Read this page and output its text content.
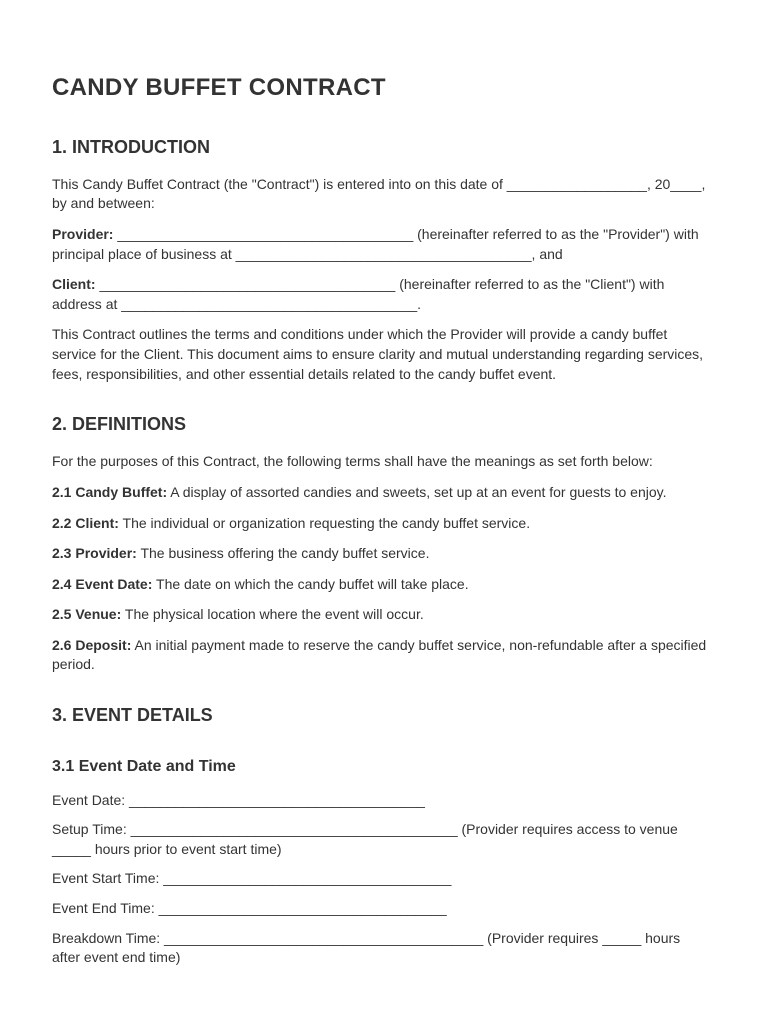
CANDY BUFFET CONTRACT
1. INTRODUCTION

This Candy Buffet Contract (the "Contract") is entered into on this date of __________________, 20____, by and between:

Provider: ______________________________________ (hereinafter referred to as the "Provider") with principal place of business at ______________________________________, and

Client: ______________________________________ (hereinafter referred to as the "Client") with address at ______________________________________.

This Contract outlines the terms and conditions under which the Provider will provide a candy buffet service for the Client. This document aims to ensure clarity and mutual understanding regarding services, fees, responsibilities, and other essential details related to the candy buffet event.

2. DEFINITIONS

For the purposes of this Contract, the following terms shall have the meanings as set forth below:

2.1 Candy Buffet: A display of assorted candies and sweets, set up at an event for guests to enjoy.

2.2 Client: The individual or organization requesting the candy buffet service.

2.3 Provider: The business offering the candy buffet service.

2.4 Event Date: The date on which the candy buffet will take place.

2.5 Venue: The physical location where the event will occur.

2.6 Deposit: An initial payment made to reserve the candy buffet service, non-refundable after a specified period.

3. EVENT DETAILS
3.1 Event Date and Time

Event Date: ______________________________________

Setup Time: __________________________________________ (Provider requires access to venue _____ hours prior to event start time)

Event Start Time: _____________________________________

Event End Time: _____________________________________

Breakdown Time: _________________________________________ (Provider requires _____ hours after event end time)
